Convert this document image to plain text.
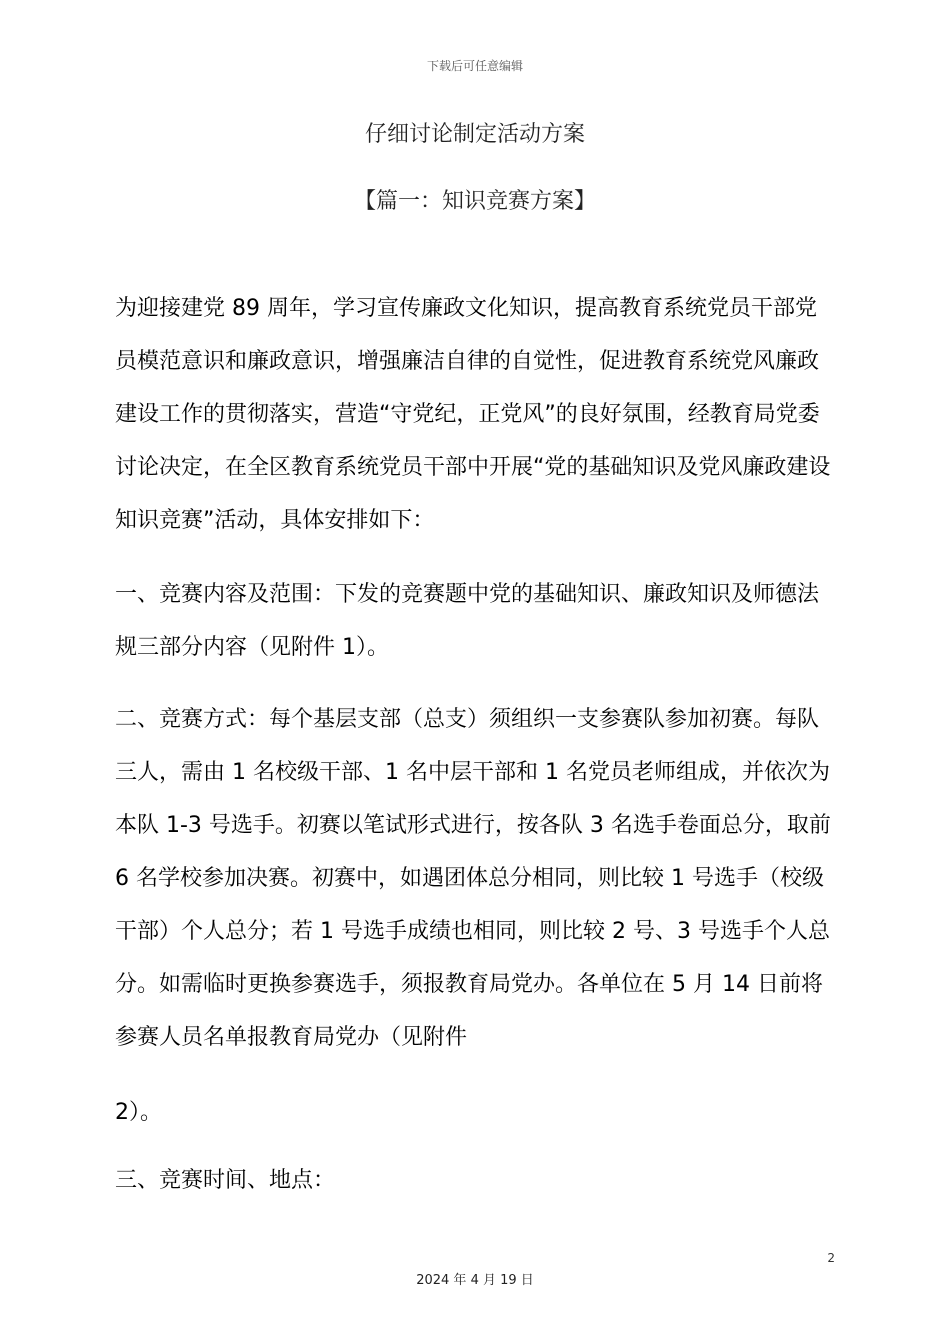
下载后可任意编辑
仔细讨论制定活动方案
【篇一：知识竞赛方案】

为迎接建党 89 周年，学习宣传廉政文化知识，提高教育系统党员干部党员模范意识和廉政意识，增强廉洁自律的自觉性，促进教育系统党风廉政建设工作的贯彻落实，营造“守党纪，正党风”的良好氛围，经教育局党委讨论决定，在全区教育系统党员干部中开展“党的基础知识及党风廉政建设知识竞赛”活动，具体安排如下：

一、竞赛内容及范围：下发的竞赛题中党的基础知识、廉政知识及师德法规三部分内容（见附件 1）。

二、竞赛方式：每个基层支部（总支）须组织一支参赛队参加初赛。每队三人，需由 1 名校级干部、1 名中层干部和 1 名党员老师组成，并依次为本队 1-3 号选手。初赛以笔试形式进行，按各队 3 名选手卷面总分，取前 6 名学校参加决赛。初赛中，如遇团体总分相同，则比较 1 号选手（校级干部）个人总分；若 1 号选手成绩也相同，则比较 2 号、3 号选手个人总分。如需临时更换参赛选手，须报教育局党办。各单位在 5 月 14 日前将参赛人员名单报教育局党办（见附件

2）。

三、竞赛时间、地点：

2
2024 年 4 月 19 日
